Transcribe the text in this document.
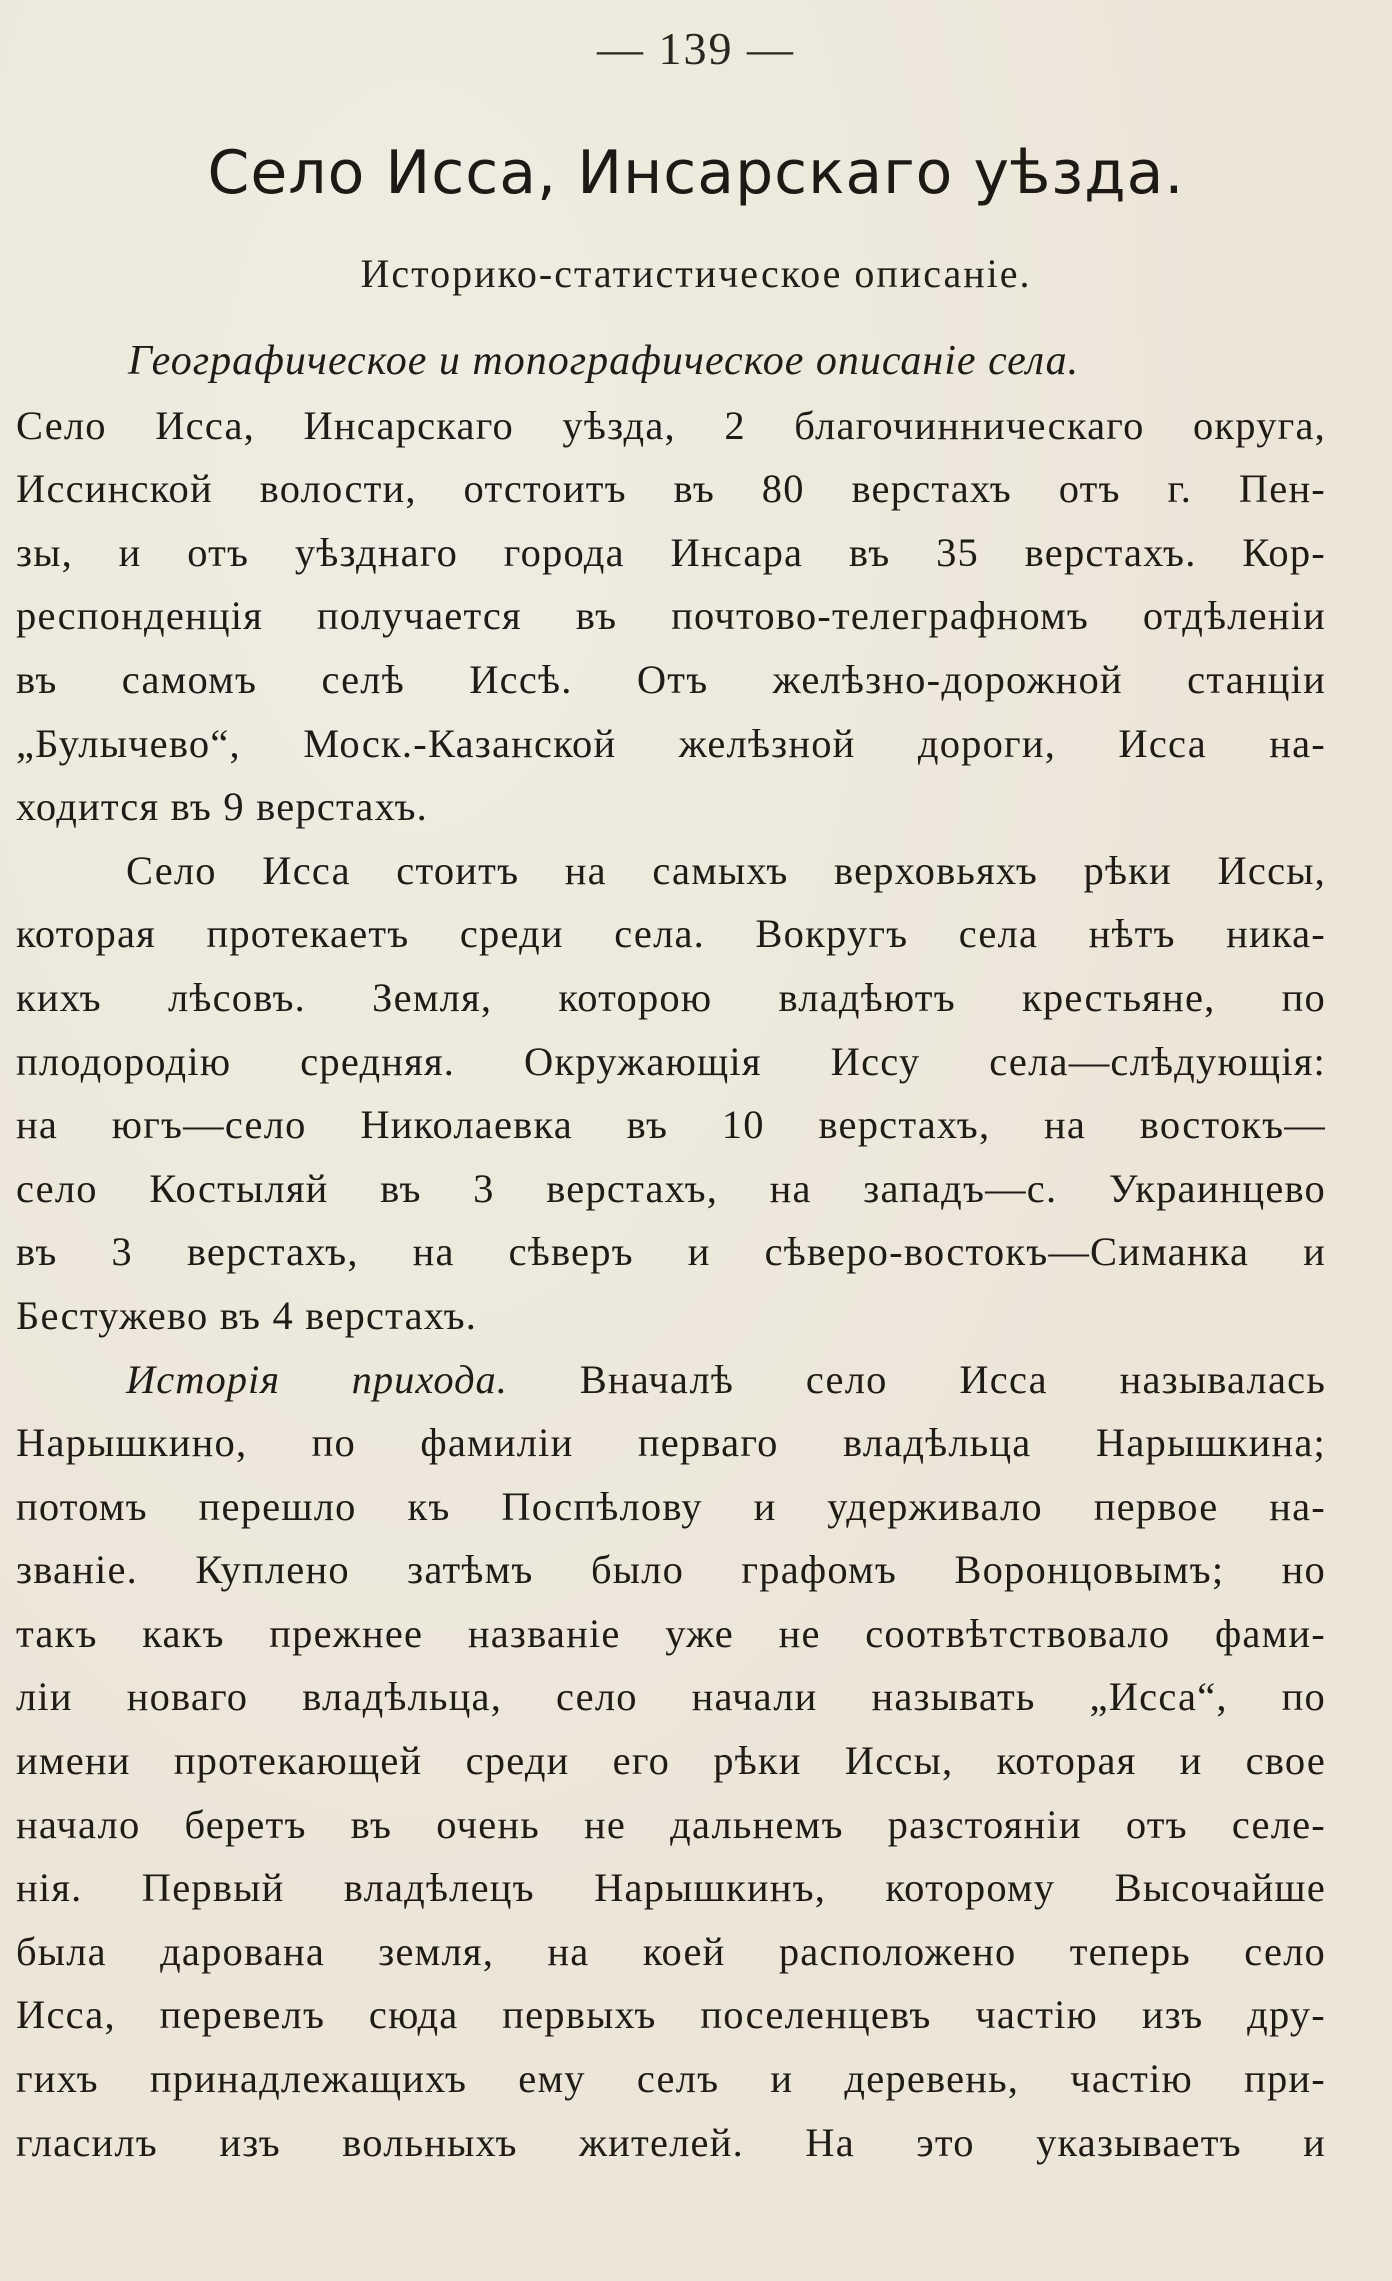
— 139 —
Село Исса, Инсарскаго уѣзда.
Историко-статистическое описанiе.
Географическое и топографическое описанiе села.
Село Исса, Инсарскаго уѣзда, 2 благочинническаго округа,
Иссинской волости, отстоитъ въ 80 верстахъ отъ г. Пен-
зы, и отъ уѣзднаго города Инсара въ 35 верстахъ. Кор-
респонденцiя получается въ почтово-телеграфномъ отдѣленiи
въ самомъ селѣ Иссѣ. Отъ желѣзно-дорожной станцiи
„Булычево“, Моск.-Казанской желѣзной дороги, Исса на-
ходится въ 9 верстахъ.
Село Исса стоитъ на самыхъ верховьяхъ рѣки Иссы,
которая протекаетъ среди села. Вокругъ села нѣтъ ника-
кихъ лѣсовъ. Земля, которою владѣютъ крестьяне, по
плодородiю средняя. Окружающiя Иссу села—слѣдующiя:
на югъ—село Николаевка въ 10 верстахъ, на востокъ—
село Костыляй въ 3 верстахъ, на западъ—с. Украинцево
въ 3 верстахъ, на сѣверъ и сѣверо-востокъ—Симанка и
Бестужево въ 4 верстахъ.
Исторiя прихода. Вначалѣ село Исса называлась
Нарышкино, по фамилiи перваго владѣльца Нарышкина;
потомъ перешло къ Поспѣлову и удерживало первое на-
званiе. Куплено затѣмъ было графомъ Воронцовымъ; но
такъ какъ прежнее названiе уже не соотвѣтствовало фами-
лiи новаго владѣльца, село начали называть „Исса“, по
имени протекающей среди его рѣки Иссы, которая и свое
начало беретъ въ очень не дальнемъ разстоянiи отъ селе-
нiя. Первый владѣлецъ Нарышкинъ, которому Высочайше
была дарована земля, на коей расположено теперь село
Исса, перевелъ сюда первыхъ поселенцевъ частiю изъ дру-
гихъ принадлежащихъ ему селъ и деревень, частiю при-
гласилъ изъ вольныхъ жителей. На это указываетъ и
